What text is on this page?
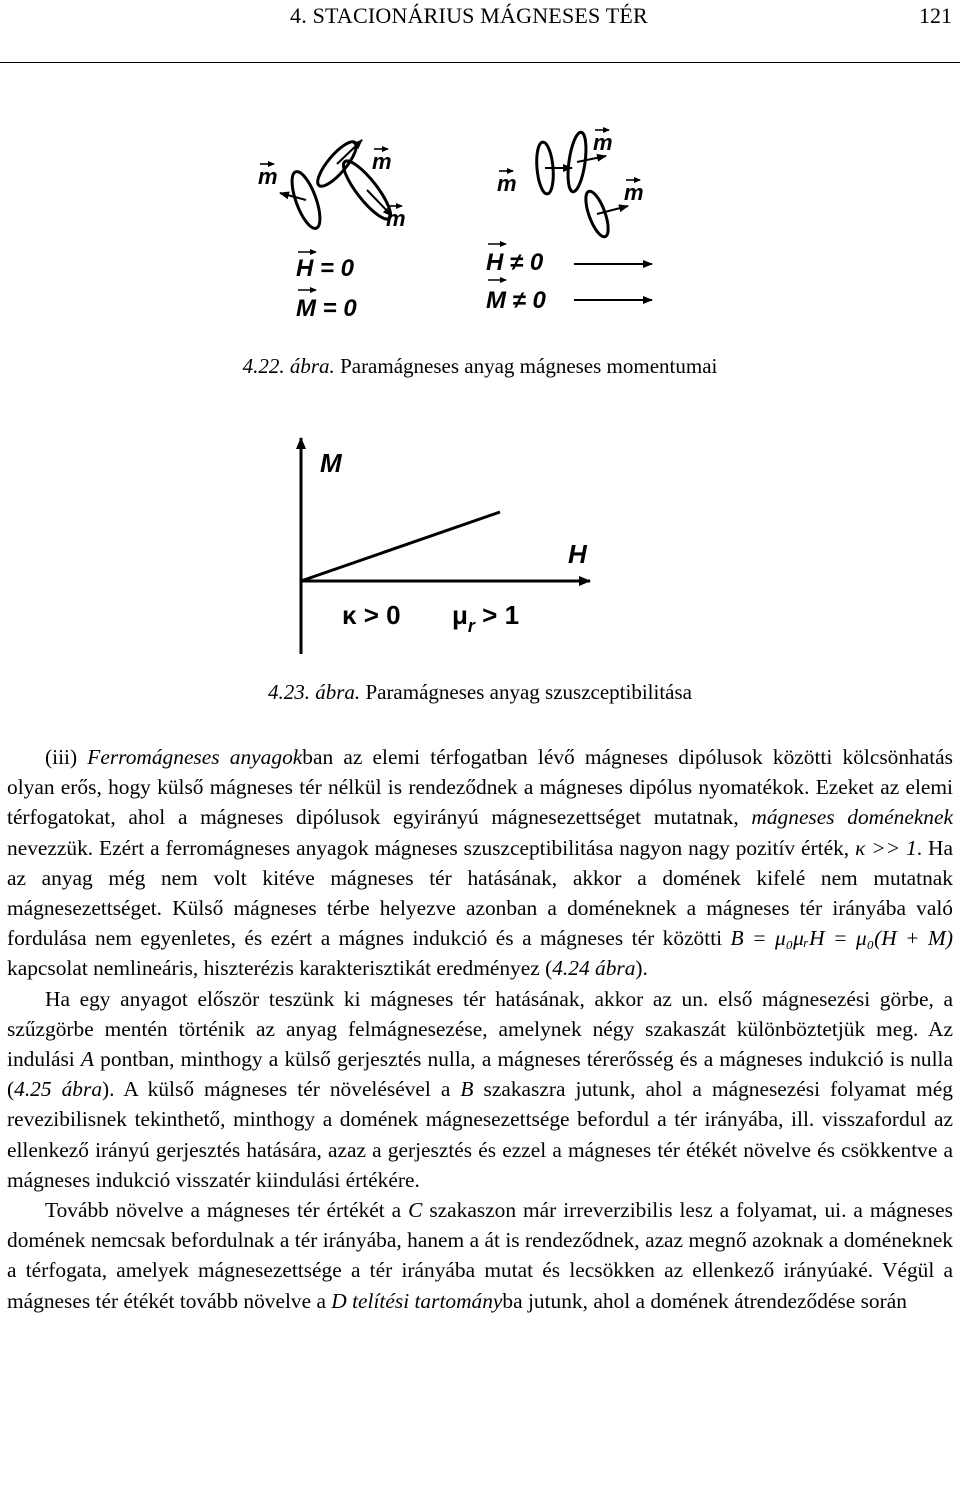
4. STACIONÁRIUS MÁGNESES TÉR	121
m
m
m
m
m
m
H = 0
M = 0
H ≠ 0
M ≠ 0
4.22. ábra. Paramágneses anyag mágneses momentumai
M
H
κ > 0 $\mu_r > 1$
4.23. ábra. Paramágneses anyag szuszceptibilitása

(iii) Ferromágneses anyagokban az elemi térfogatban lévő mágneses dipólusok közötti kölcsönhatás olyan erős, hogy külső mágneses tér nélkül is rendeződnek a mágneses dipólus nyomatékok. Ezeket az elemi térfogatokat, ahol a mágneses dipólusok egyirányú mágnesezettséget mutatnak, mágneses doméneknek nevezzük. Ezért a ferromágneses anyagok mágneses szuszceptibilitása nagyon nagy pozitív érték, κ >> 1. Ha az anyag még nem volt kitéve mágneses tér hatásának, akkor a domének kifelé nem mutatnak mágnesezettséget. Külső mágneses térbe helyezve azonban a doméneknek a mágneses tér irányába való fordulása nem egyenletes, és ezért a mágnes indukció és a mágneses tér közötti B = μ₀μᵣH = μ₀(H + M) kapcsolat nemlineáris, hiszterézis karakterisztikát eredményez (4.24 ábra).

Ha egy anyagot először teszünk ki mágneses tér hatásának, akkor az un. első mágnesezési görbe, a szűzgörbe mentén történik az anyag felmágnesezése, amelynek négy szakaszát különböztetjük meg. Az indulási A pontban, minthogy a külső gerjesztés nulla, a mágneses térerősség és a mágneses indukció is nulla (4.25 ábra). A külső mágneses tér növelésével a B szakaszra jutunk, ahol a mágnesezési folyamat még revezibilisnek tekinthető, minthogy a domének mágnesezettsége befordul a tér irányába, ill. visszafordul az ellenkező irányú gerjesztés hatására, azaz a gerjesztés és ezzel a mágneses tér étékét növelve és csökkentve a mágneses indukció visszatér kiindulási értékére.

Tovább növelve a mágneses tér értékét a C szakaszon már irreverzibilis lesz a folyamat, ui. a mágneses domének nemcsak befordulnak a tér irányába, hanem a át is rendeződnek, azaz megnő azoknak a doméneknek a térfogata, amelyek mágnesezettsége a tér irányába mutat és lecsökken az ellenkező irányúaké. Végül a mágneses tér étékét tovább növelve a D telítési tartományba jutunk, ahol a domének átrendeződése során
